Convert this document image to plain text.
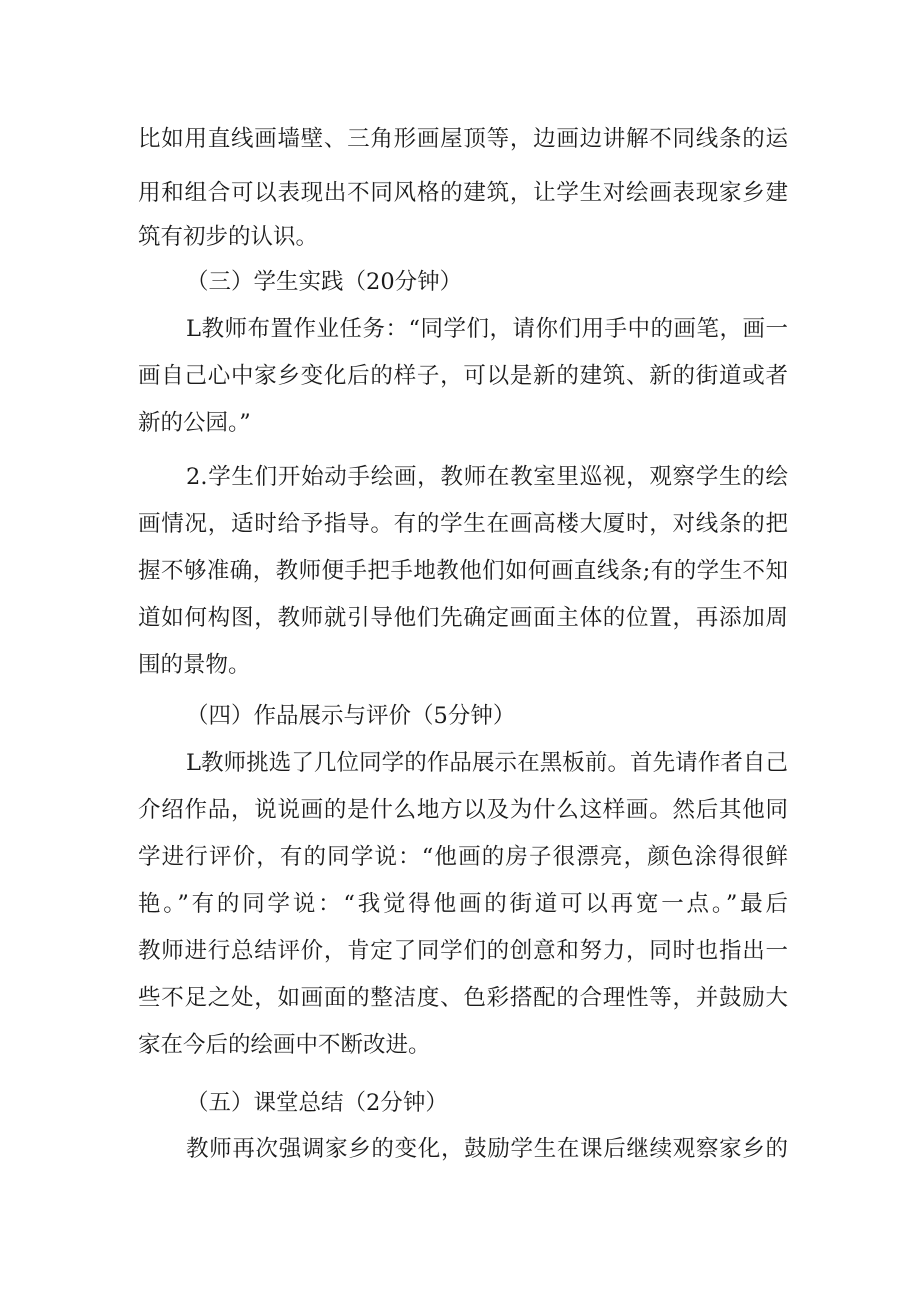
比如用直线画墙壁、三角形画屋顶等，边画边讲解不同线条的运
用和组合可以表现出不同风格的建筑，让学生对绘画表现家乡建
筑有初步的认识。
（三）学生实践（20分钟）
L教师布置作业任务：“同学们，请你们用手中的画笔，画一
画自己心中家乡变化后的样子，可以是新的建筑、新的街道或者
新的公园。”
2.学生们开始动手绘画，教师在教室里巡视，观察学生的绘
画情况，适时给予指导。有的学生在画高楼大厦时，对线条的把
握不够准确，教师便手把手地教他们如何画直线条;有的学生不知
道如何构图，教师就引导他们先确定画面主体的位置，再添加周
围的景物。
（四）作品展示与评价（5分钟）
L教师挑选了几位同学的作品展示在黑板前。首先请作者自己
介绍作品，说说画的是什么地方以及为什么这样画。然后其他同
学进行评价，有的同学说：“他画的房子很漂亮，颜色涂得很鲜
艳。”有的同学说：“我觉得他画的街道可以再宽一点。”最后
教师进行总结评价，肯定了同学们的创意和努力，同时也指出一
些不足之处，如画面的整洁度、色彩搭配的合理性等，并鼓励大
家在今后的绘画中不断改进。
（五）课堂总结（2分钟）
教师再次强调家乡的变化，鼓励学生在课后继续观察家乡的
